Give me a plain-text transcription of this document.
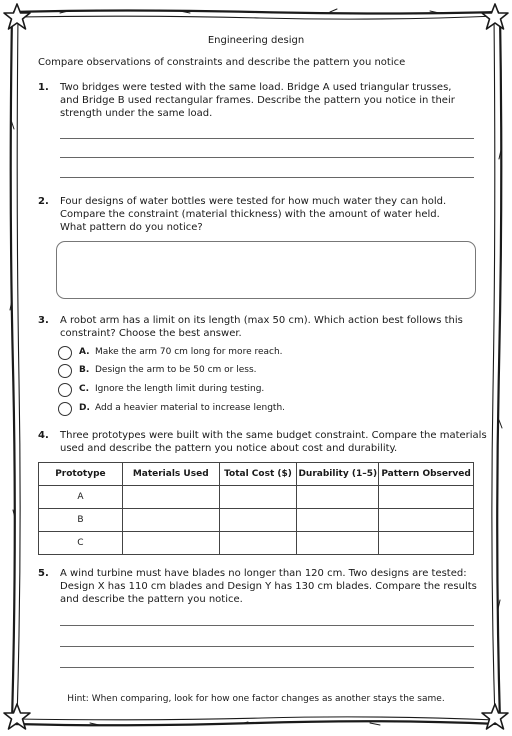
Engineering design
Compare observations of constraints and describe the pattern you notice
1. Two bridges were tested with the same load. Bridge A used triangular trusses,
and Bridge B used rectangular frames. Describe the pattern you notice in their
strength under the same load.
2. Four designs of water bottles were tested for how much water they can hold.
Compare the constraint (material thickness) with the amount of water held.
What pattern do you notice?
3. A robot arm has a limit on its length (max 50 cm). Which action best follows this
constraint? Choose the best answer.
A. Make the arm 70 cm long for more reach.
B. Design the arm to be 50 cm or less.
C. Ignore the length limit during testing.
D. Add a heavier material to increase length.
4. Three prototypes were built with the same budget constraint. Compare the materials
used and describe the pattern you notice about cost and durability.
Prototype	Materials Used	Total Cost ($)	Durability (1–5)	Pattern Observed
A				
B				
C				
5. A wind turbine must have blades no longer than 120 cm. Two designs are tested:
Design X has 110 cm blades and Design Y has 130 cm blades. Compare the results
and describe the pattern you notice.
Hint: When comparing, look for how one factor changes as another stays the same.
